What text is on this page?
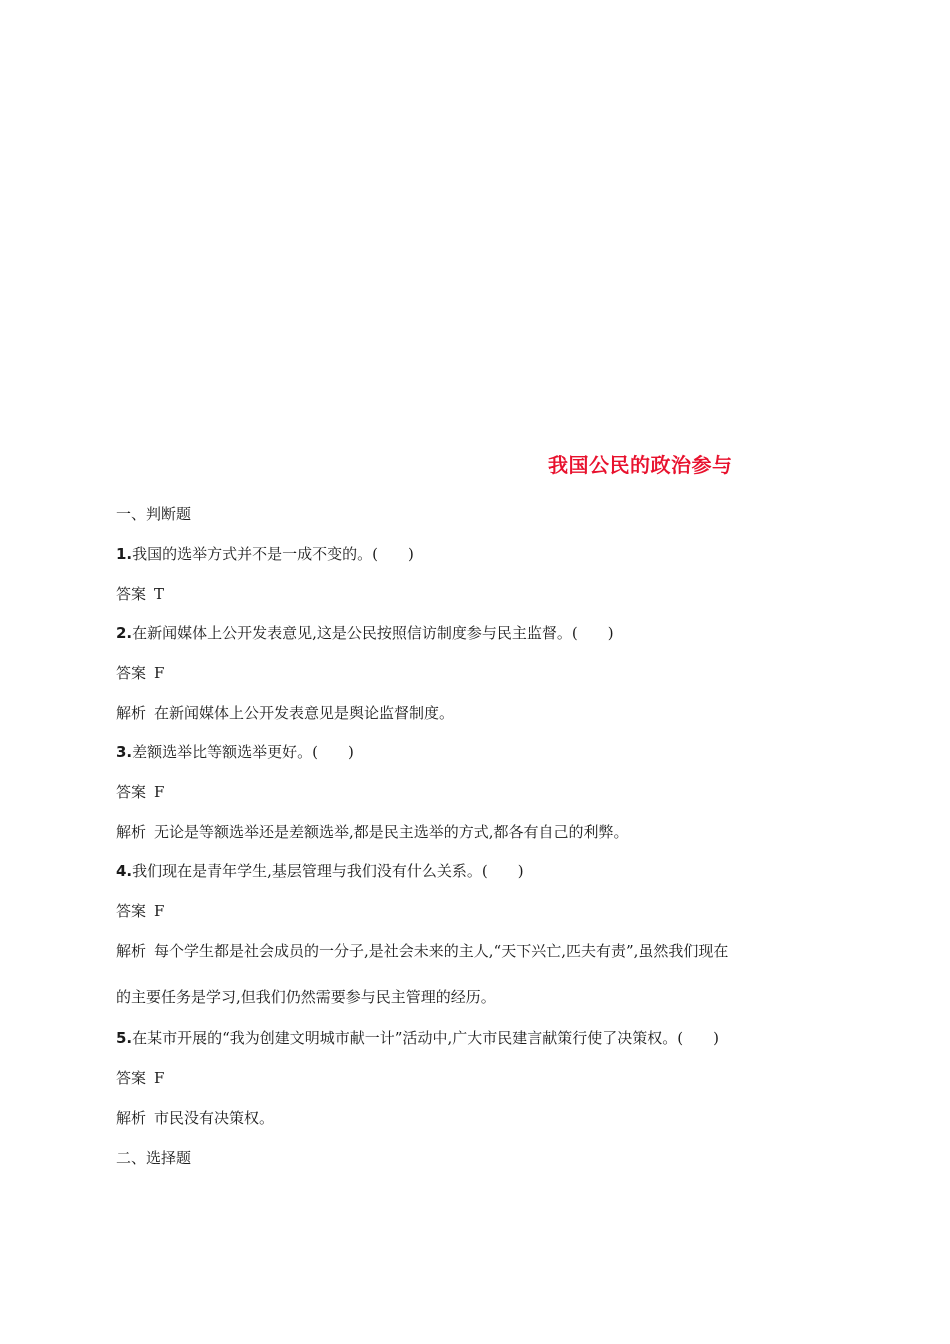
我国公民的政治参与
一、判断题
1.我国的选举方式并不是一成不变的。(　　)
答案 T
2.在新闻媒体上公开发表意见,这是公民按照信访制度参与民主监督。(　　)
答案 F
解析 在新闻媒体上公开发表意见是舆论监督制度。
3.差额选举比等额选举更好。(　　)
答案 F
解析 无论是等额选举还是差额选举,都是民主选举的方式,都各有自己的利弊。
4.我们现在是青年学生,基层管理与我们没有什么关系。(　　)
答案 F
解析 每个学生都是社会成员的一分子,是社会未来的主人,“天下兴亡,匹夫有责”,虽然我们现在
的主要任务是学习,但我们仍然需要参与民主管理的经历。
5.在某市开展的“我为创建文明城市献一计”活动中,广大市民建言献策行使了决策权。(　　)
答案 F
解析 市民没有决策权。
二、选择题
